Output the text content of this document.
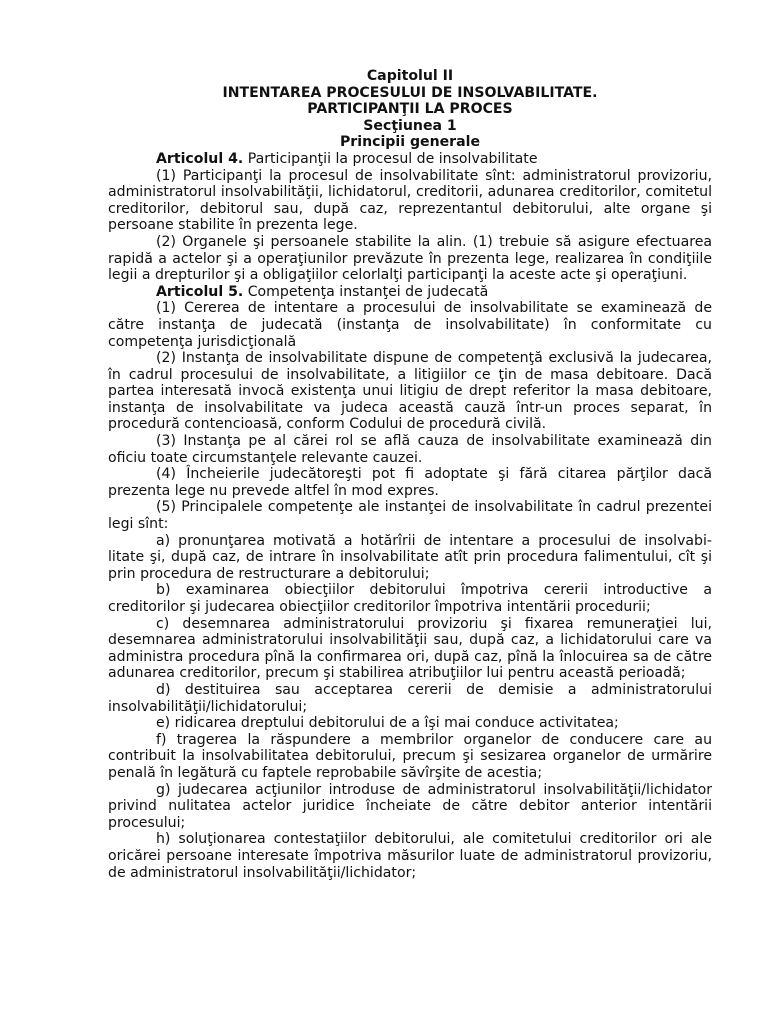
Capitolul II

INTENTAREA PROCESULUI DE INSOLVABILITATE.

PARTICIPANŢII LA PROCES

Secţiunea 1

Principii generale

Articolul 4. Participanţii la procesul de insolvabilitate

(1) Participanţi la procesul de insolvabilitate sînt: administratorul provizoriu, administratorul insolvabilităţii, lichidatorul, creditorii, adunarea creditorilor, comitetul creditorilor, debitorul sau, după caz, reprezentantul debitorului, alte organe şi persoane stabilite în prezenta lege.

(2) Organele şi persoanele stabilite la alin. (1) trebuie să asigure efectuarea rapidă a actelor şi a operaţiunilor prevăzute în prezenta lege, realizarea în condiţiile legii a drepturilor şi a obligaţiilor celorlalţi participanţi la aceste acte şi operaţiuni.

Articolul 5. Competenţa instanţei de judecată

(1) Cererea de intentare a procesului de insolvabilitate se examinează de către instanţa de judecată (instanţa de insolvabilitate) în conformitate cu competenţa jurisdicţională

(2) Instanţa de insolvabilitate dispune de competenţă exclusivă la judecarea, în cadrul procesului de insolvabilitate, a litigiilor ce ţin de masa debitoare. Dacă partea interesată invocă existenţa unui litigiu de drept referitor la masa debitoare, instanţa de insolvabilitate va judeca această cauză într-un proces separat, în procedură contencioasă, conform Codului de procedură civilă.

(3) Instanţa pe al cărei rol se află cauza de insolvabilitate examinează din oficiu toate circumstanţele relevante cauzei.

(4) Încheierile judecătoreşti pot fi adoptate şi fără citarea părţilor dacă prezenta lege nu prevede altfel în mod expres.

(5) Principalele competenţe ale instanţei de insolvabilitate în cadrul prezentei legi sînt:

a) pronunţarea motivată a hotărîrii de intentare a procesului de insolvabi-litate şi, după caz, de intrare în insolvabilitate atît prin procedura falimentului, cît şi prin procedura de restructurare a debitorului;

b) examinarea obiecţiilor debitorului împotriva cererii introductive a creditorilor şi judecarea obiecţiilor creditorilor împotriva intentării procedurii;

c) desemnarea administratorului provizoriu şi fixarea remuneraţiei lui, desemnarea administratorului insolvabilităţii sau, după caz, a lichidatorului care va administra procedura pînă la confirmarea ori, după caz, pînă la înlocuirea sa de către adunarea creditorilor, precum şi stabilirea atribuţiilor lui pentru această perioadă;

d) destituirea sau acceptarea cererii de demisie a administratorului insolvabilităţii/lichidatorului;

e) ridicarea dreptului debitorului de a îşi mai conduce activitatea;

f) tragerea la răspundere a membrilor organelor de conducere care au contribuit la insolvabilitatea debitorului, precum şi sesizarea organelor de urmărire penală în legătură cu faptele reprobabile săvîrşite de acestia;

g) judecarea acţiunilor introduse de administratorul insolvabilităţii/lichidator privind nulitatea actelor juridice încheiate de către debitor anterior intentării procesului;

h) soluţionarea contestaţiilor debitorului, ale comitetului creditorilor ori ale oricărei persoane interesate împotriva măsurilor luate de administratorul provizoriu, de administratorul insolvabilităţii/lichidator;
